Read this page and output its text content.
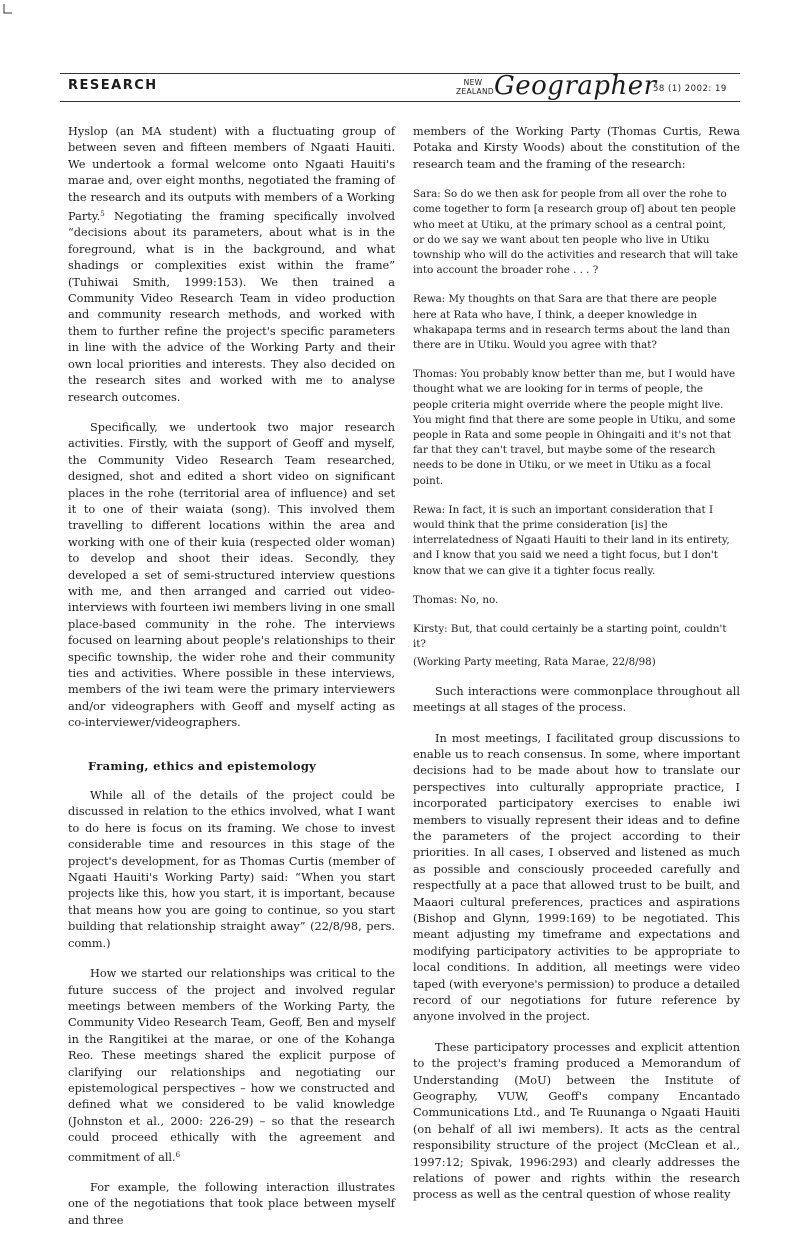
RESEARCH	NEW
ZEALAND Geographer
58 (1) 2002: 19

Hyslop (an MA student) with a fluctuating group of between seven and fifteen members of Ngaati Hauiti. We undertook a formal welcome onto Ngaati Hauiti's marae and, over eight months, negotiated the framing of the research and its outputs with members of a Working Party.$^5$ Negotiating the framing specifically involved “decisions about its parameters, about what is in the foreground, what is in the background, and what shadings or complexities exist within the frame” (Tuhiwai Smith, 1999:153). We then trained a Community Video Research Team in video production and community research methods, and worked with them to further refine the project's specific parameters in line with the advice of the Working Party and their own local priorities and interests. They also decided on the research sites and worked with me to analyse research outcomes.

Specifically, we undertook two major research activities. Firstly, with the support of Geoff and myself, the Community Video Research Team researched, designed, shot and edited a short video on significant places in the rohe (territorial area of influence) and set it to one of their waiata (song). This involved them travelling to different locations within the area and working with one of their kuia (respected older woman) to develop and shoot their ideas. Secondly, they developed a set of semi-structured interview questions with me, and then arranged and carried out video-interviews with fourteen iwi members living in one small place-based community in the rohe. The interviews focused on learning about people's relationships to their specific township, the wider rohe and their community ties and activities. Where possible in these interviews, members of the iwi team were the primary interviewers and/or videographers with Geoff and myself acting as co-interviewer/videographers.

Framing, ethics and epistemology

While all of the details of the project could be discussed in relation to the ethics involved, what I want to do here is focus on its framing. We chose to invest considerable time and resources in this stage of the project's development, for as Thomas Curtis (member of Ngaati Hauiti's Working Party) said: “When you start projects like this, how you start, it is important, because that means how you are going to continue, so you start building that relationship straight away” (22/8/98, pers. comm.)

How we started our relationships was critical to the future success of the project and involved regular meetings between members of the Working Party, the Community Video Research Team, Geoff, Ben and myself in the Rangitikei at the marae, or one of the Kohanga Reo. These meetings shared the explicit purpose of clarifying our relationships and negotiating our epistemological perspectives – how we constructed and defined what we considered to be valid knowledge (Johnston et al., 2000: 226-29) – so that the research could proceed ethically with the agreement and commitment of all.$^6$

For example, the following interaction illustrates one of the negotiations that took place between myself and three

members of the Working Party (Thomas Curtis, Rewa Potaka and Kirsty Woods) about the constitution of the research team and the framing of the research:

Sara: So do we then ask for people from all over the rohe to come together to form [a research group of] about ten people who meet at Utiku, at the primary school as a central point, or do we say we want about ten people who live in Utiku township who will do the activities and research that will take into account the broader rohe . . . ?

Rewa: My thoughts on that Sara are that there are people here at Rata who have, I think, a deeper knowledge in whakapapa terms and in research terms about the land than there are in Utiku. Would you agree with that?

Thomas: You probably know better than me, but I would have thought what we are looking for in terms of people, the people criteria might override where the people might live. You might find that there are some people in Utiku, and some people in Rata and some people in Ohingaiti and it's not that far that they can't travel, but maybe some of the research needs to be done in Utiku, or we meet in Utiku as a focal point.

Rewa: In fact, it is such an important consideration that I would think that the prime consideration [is] the interrelatedness of Ngaati Hauiti to their land in its entirety, and I know that you said we need a tight focus, but I don't know that we can give it a tighter focus really.

Thomas: No, no.

Kirsty: But, that could certainly be a starting point, couldn't it?

(Working Party meeting, Rata Marae, 22/8/98)

Such interactions were commonplace throughout all meetings at all stages of the process.

In most meetings, I facilitated group discussions to enable us to reach consensus. In some, where important decisions had to be made about how to translate our perspectives into culturally appropriate practice, I incorporated participatory exercises to enable iwi members to visually represent their ideas and to define the parameters of the project according to their priorities. In all cases, I observed and listened as much as possible and consciously proceeded carefully and respectfully at a pace that allowed trust to be built, and Maaori cultural preferences, practices and aspirations (Bishop and Glynn, 1999:169) to be negotiated. This meant adjusting my timeframe and expectations and modifying participatory activities to be appropriate to local conditions. In addition, all meetings were video taped (with everyone's permission) to produce a detailed record of our negotiations for future reference by anyone involved in the project.

These participatory processes and explicit attention to the project's framing produced a Memorandum of Understanding (MoU) between the Institute of Geography, VUW, Geoff's company Encantado Communications Ltd., and Te Ruunanga o Ngaati Hauiti (on behalf of all iwi members). It acts as the central responsibility structure of the project (McClean et al., 1997:12; Spivak, 1996:293) and clearly addresses the relations of power and rights within the research process as well as the central question of whose reality
